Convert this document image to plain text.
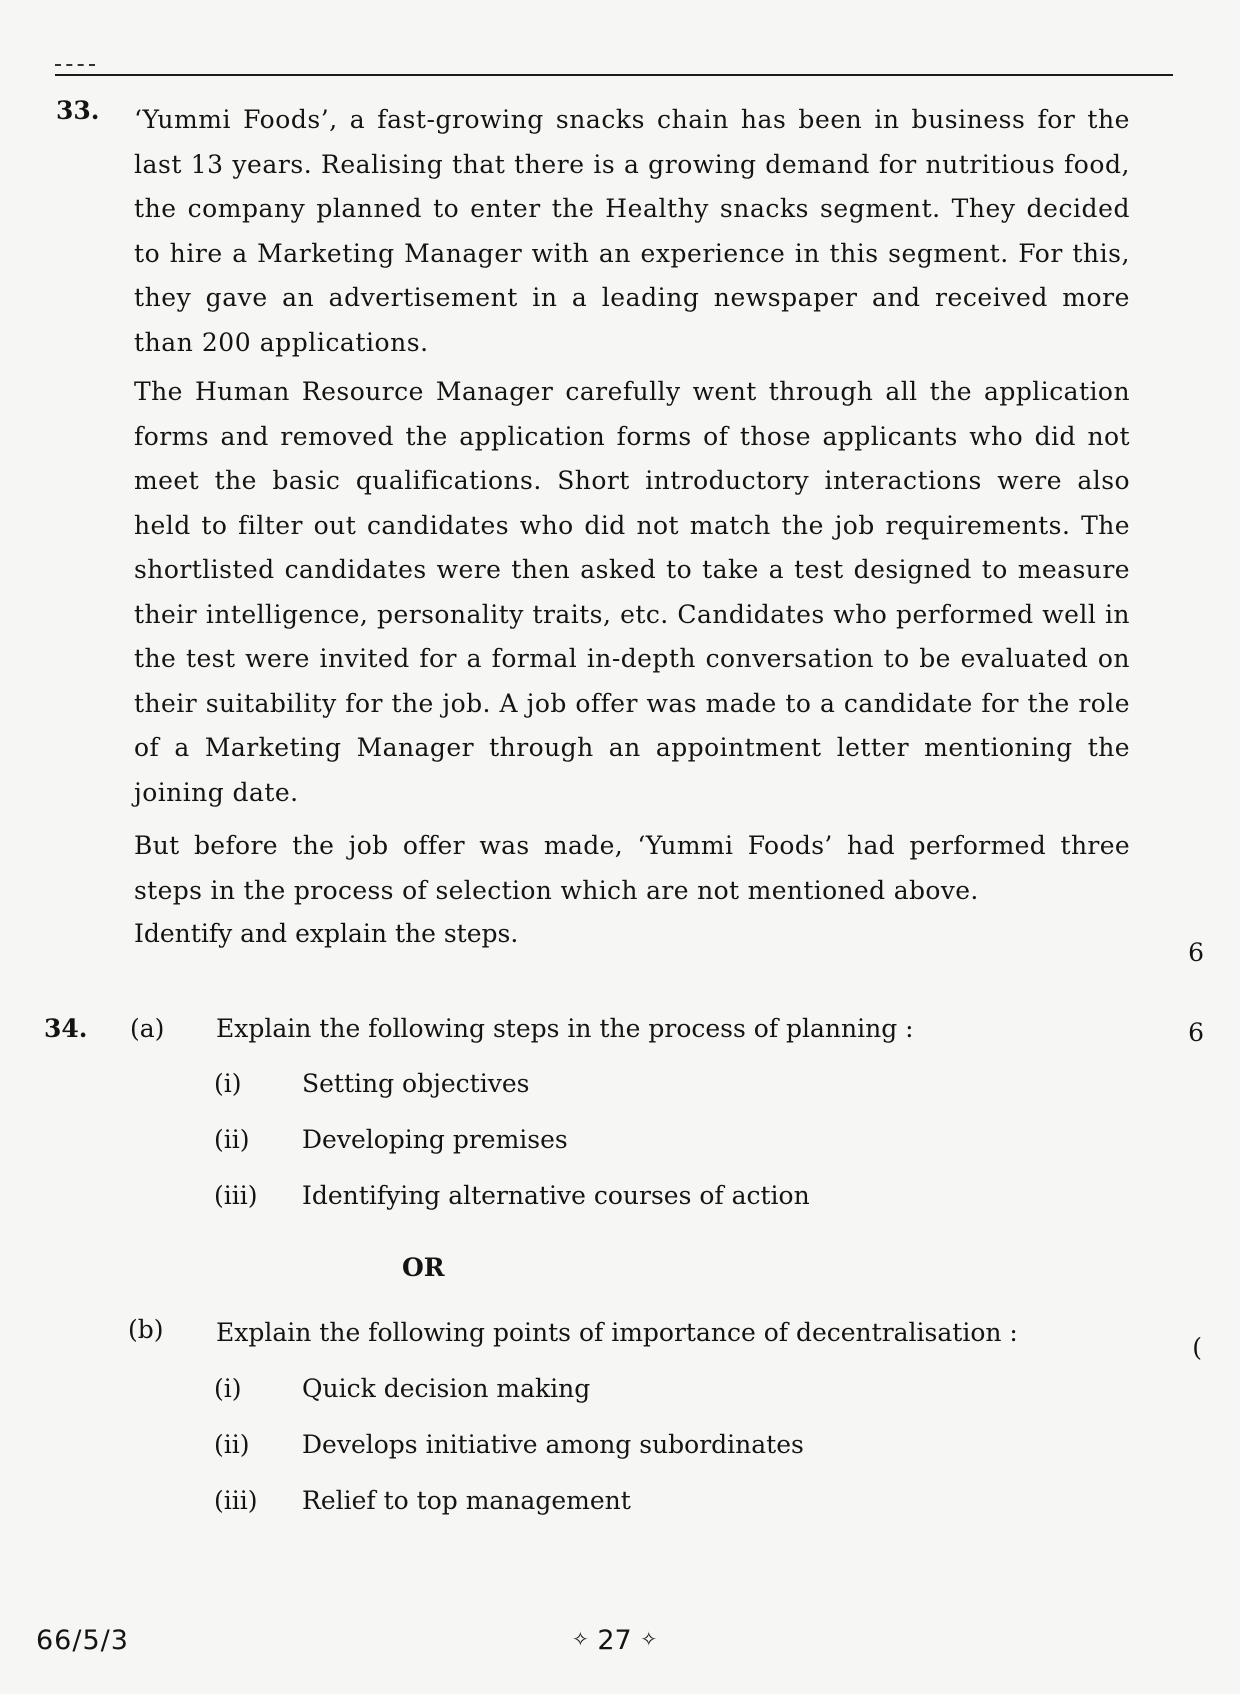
33. ‘Yummi Foods’, a fast-growing snacks chain has been in business for the last 13 years. Realising that there is a growing demand for nutritious food, the company planned to enter the Healthy snacks segment. They decided to hire a Marketing Manager with an experience in this segment. For this, they gave an advertisement in a leading newspaper and received more than 200 applications.
The Human Resource Manager carefully went through all the application forms and removed the application forms of those applicants who did not meet the basic qualifications. Short introductory interactions were also held to filter out candidates who did not match the job requirements. The shortlisted candidates were then asked to take a test designed to measure their intelligence, personality traits, etc. Candidates who performed well in the test were invited for a formal in-depth conversation to be evaluated on their suitability for the job. A job offer was made to a candidate for the role of a Marketing Manager through an appointment letter mentioning the joining date.
But before the job offer was made, ‘Yummi Foods’ had performed three steps in the process of selection which are not mentioned above.
Identify and explain the steps.
6
34. (a) Explain the following steps in the process of planning :	6
(i) Setting objectives
(ii) Developing premises
(iii) Identifying alternative courses of action
OR
(b) Explain the following points of importance of decentralisation :
(
(i) Quick decision making
(ii) Develops initiative among subordinates
(iii) Relief to top management
66/5/3	✧ 27 ✧
